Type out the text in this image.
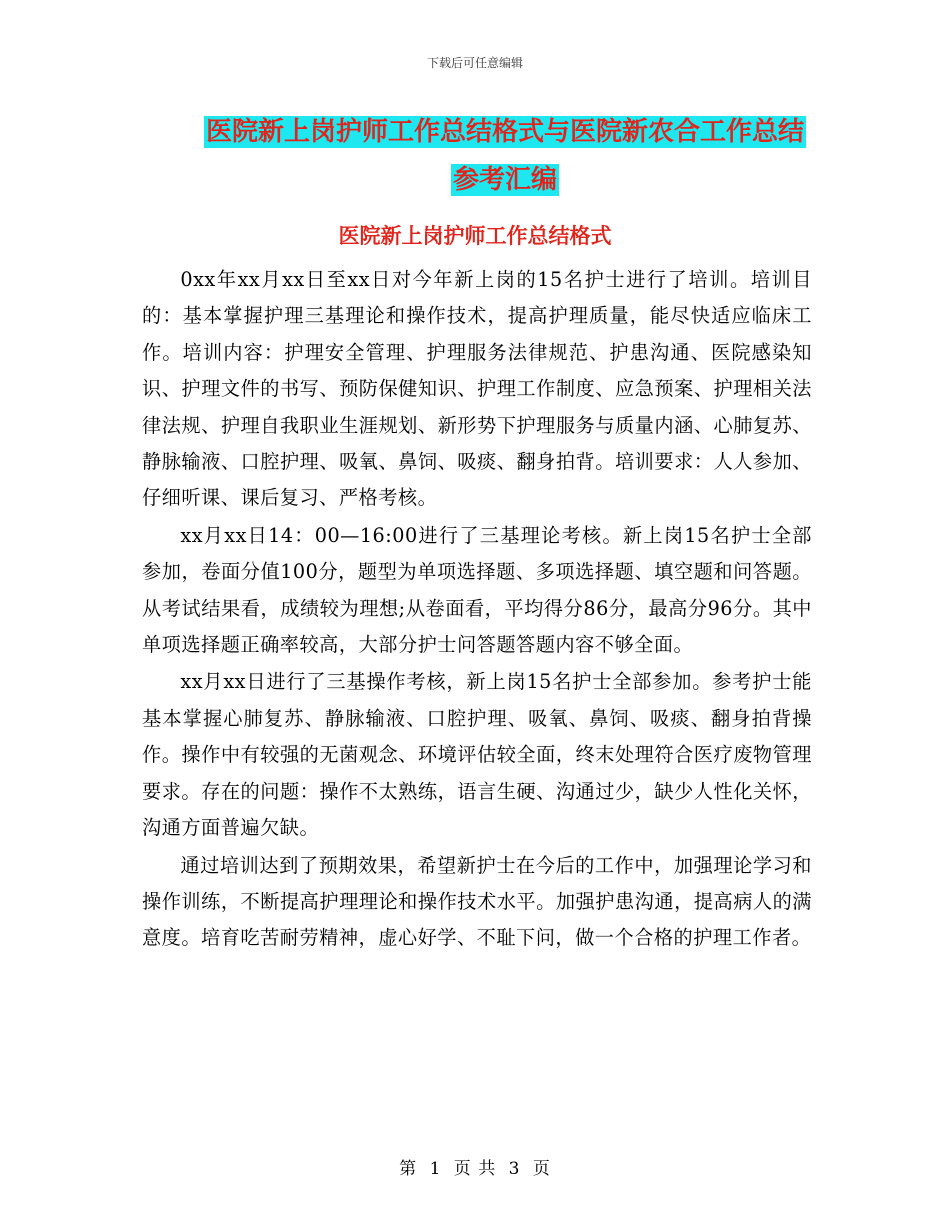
下载后可任意编辑
医院新上岗护师工作总结格式与医院新农合工作总结
参考汇编
医院新上岗护师工作总结格式

0xx年xx月xx日至xx日对今年新上岗的15名护士进行了培训。培训目的：基本掌握护理三基理论和操作技术，提高护理质量，能尽快适应临床工作。培训内容：护理安全管理、护理服务法律规范、护患沟通、医院感染知识、护理文件的书写、预防保健知识、护理工作制度、应急预案、护理相关法律法规、护理自我职业生涯规划、新形势下护理服务与质量内涵、心肺复苏、静脉输液、口腔护理、吸氧、鼻饲、吸痰、翻身拍背。培训要求：人人参加、仔细听课、课后复习、严格考核。

xx月xx日14：00—16:00进行了三基理论考核。新上岗15名护士全部参加，卷面分值100分，题型为单项选择题、多项选择题、填空题和问答题。从考试结果看，成绩较为理想;从卷面看，平均得分86分，最高分96分。其中单项选择题正确率较高，大部分护士问答题答题内容不够全面。

xx月xx日进行了三基操作考核，新上岗15名护士全部参加。参考护士能基本掌握心肺复苏、静脉输液、口腔护理、吸氧、鼻饲、吸痰、翻身拍背操作。操作中有较强的无菌观念、环境评估较全面，终末处理符合医疗废物管理要求。存在的问题：操作不太熟练，语言生硬、沟通过少，缺少人性化关怀，沟通方面普遍欠缺。

通过培训达到了预期效果，希望新护士在今后的工作中，加强理论学习和操作训练，不断提高护理理论和操作技术水平。加强护患沟通，提高病人的满意度。培育吃苦耐劳精神，虚心好学、不耻下问，做一个合格的护理工作者。

第 1 页 共 3 页
